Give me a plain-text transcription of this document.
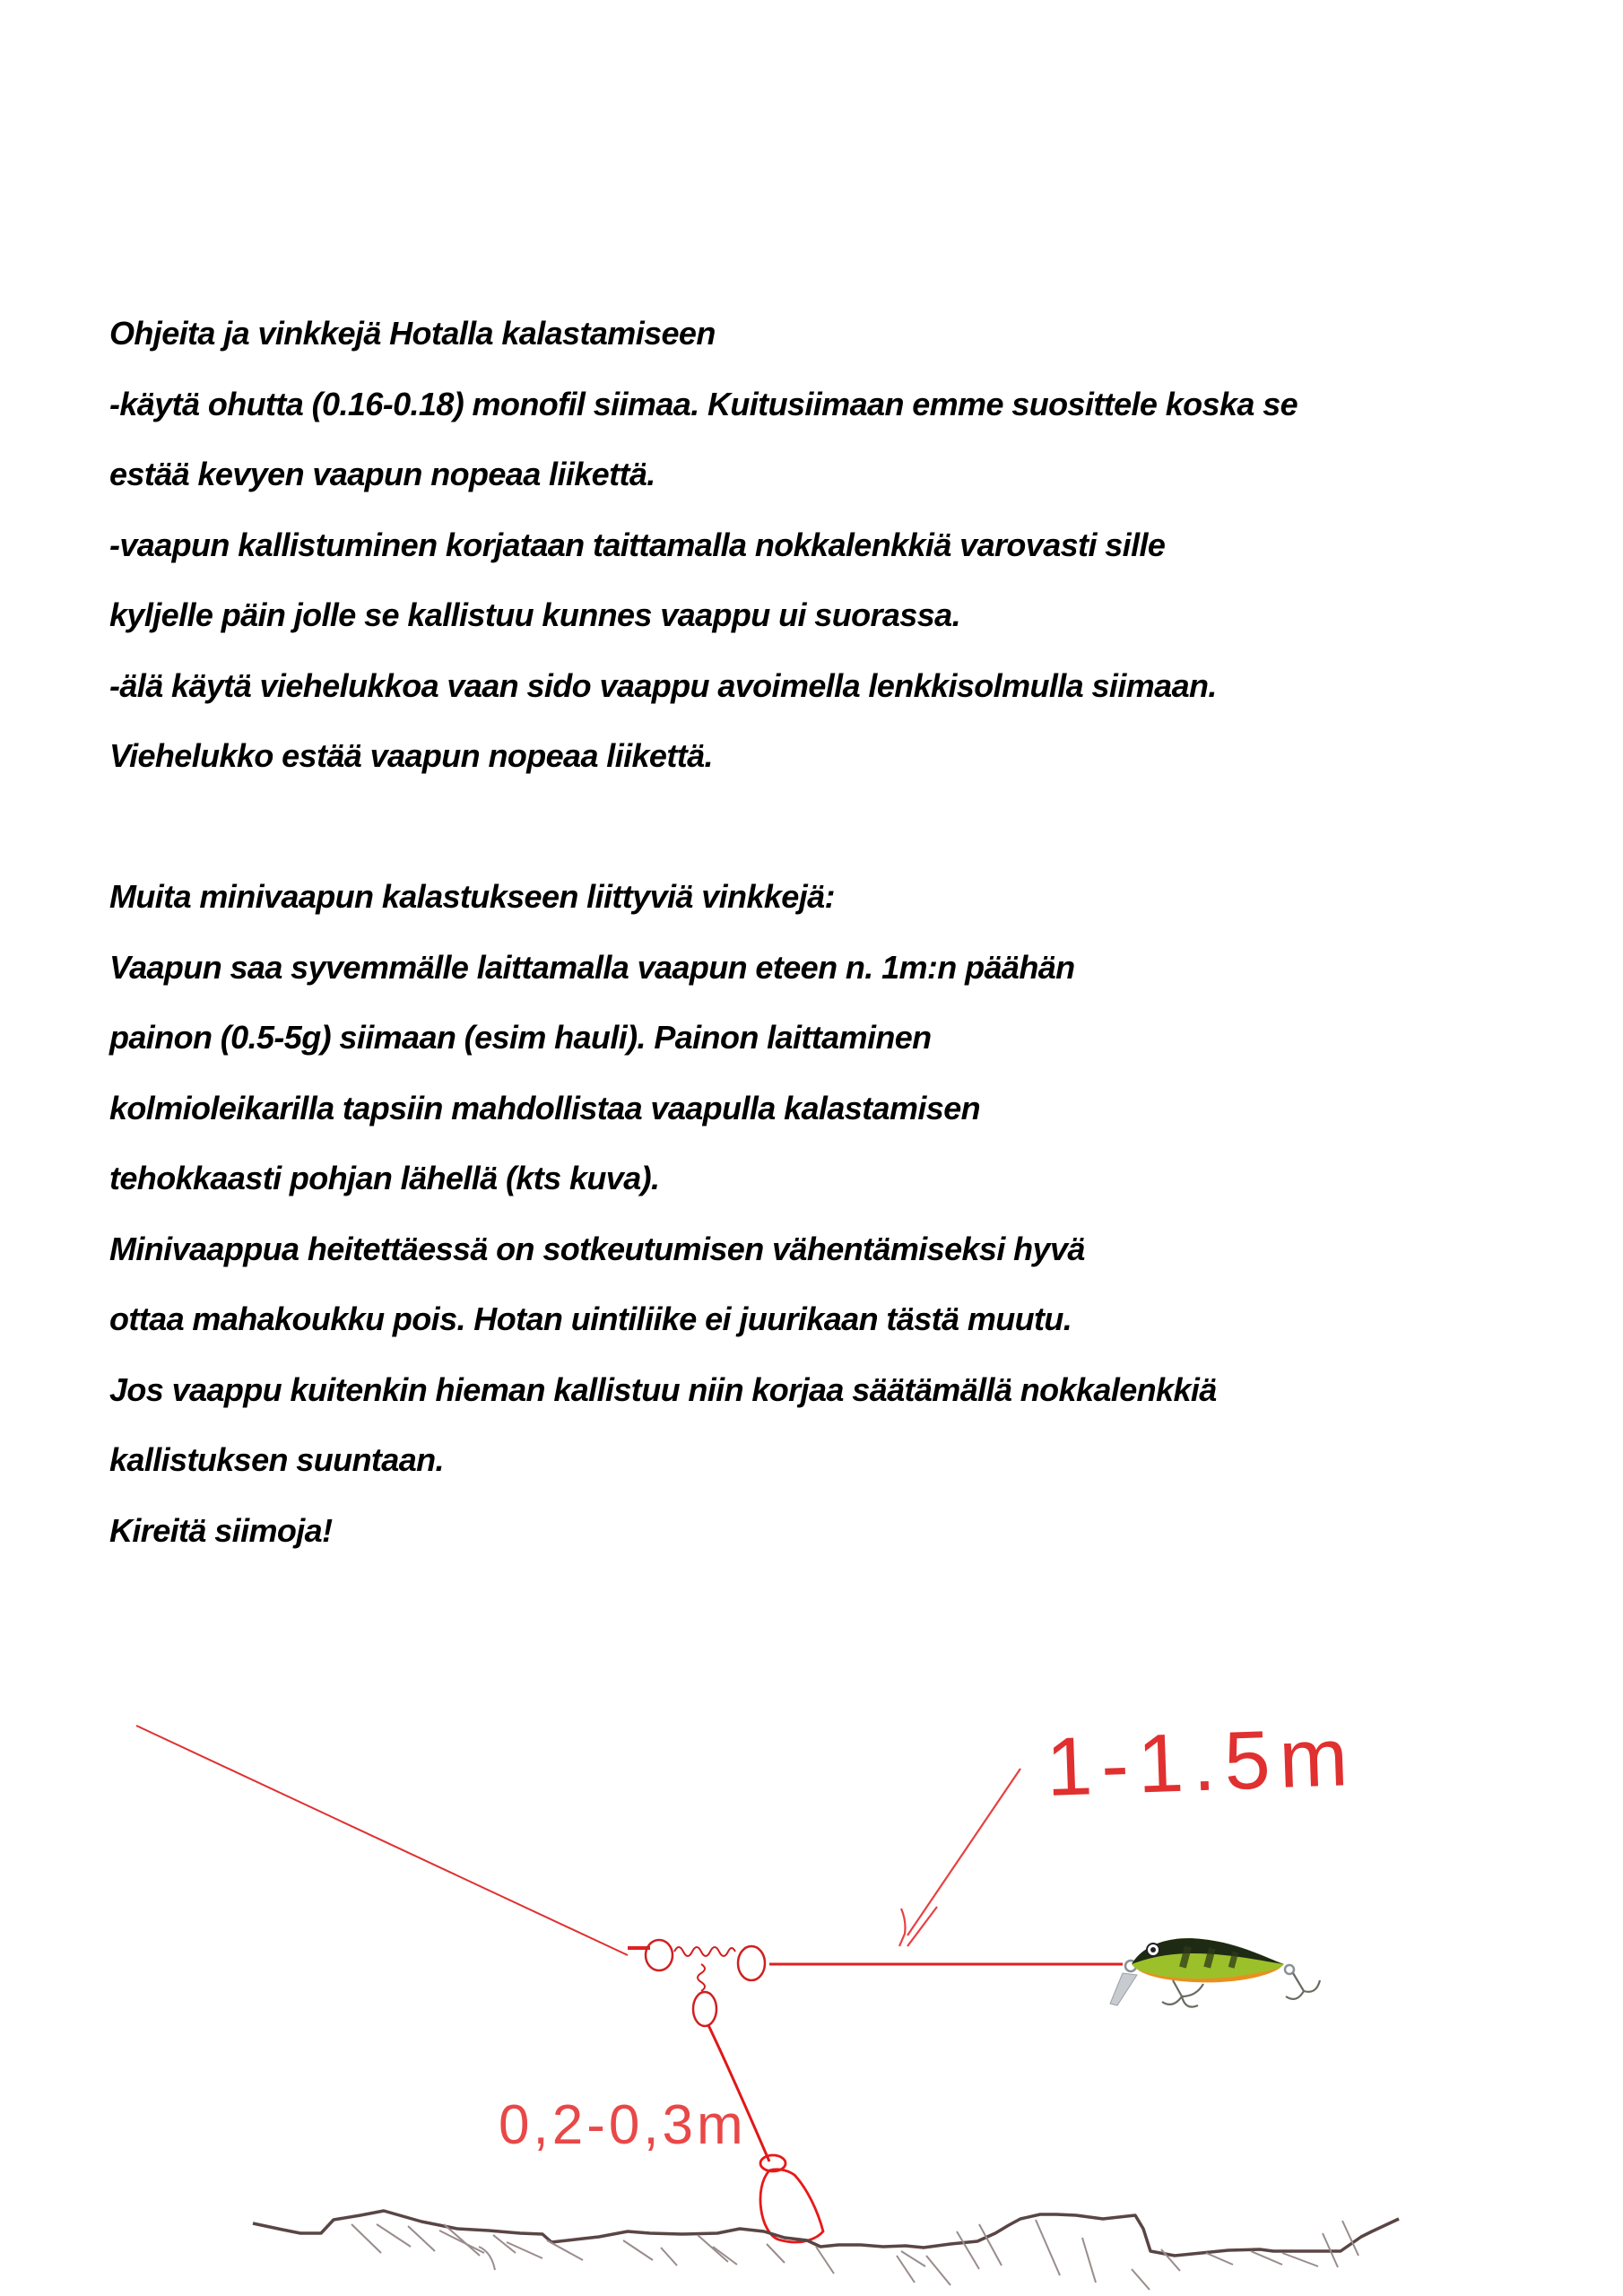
Ohjeita ja vinkkejä Hotalla kalastamiseen
-käytä ohutta (0.16-0.18) monofil siimaa. Kuitusiimaan emme suosittele koska se
estää kevyen vaapun nopeaa liikettä.
-vaapun kallistuminen korjataan taittamalla nokkalenkkiä varovasti sille
kyljelle päin jolle se kallistuu kunnes vaappu ui suorassa.
-älä käytä viehelukkoa vaan sido vaappu avoimella lenkkisolmulla siimaan.
Viehelukko estää vaapun nopeaa liikettä.
Muita minivaapun kalastukseen liittyviä vinkkejä:
Vaapun saa syvemmälle laittamalla vaapun eteen n. 1m:n päähän
painon (0.5-5g) siimaan (esim hauli). Painon laittaminen
kolmioleikarilla tapsiin mahdollistaa vaapulla kalastamisen
tehokkaasti pohjan lähellä (kts kuva).
Minivaappua heitettäessä on sotkeutumisen vähentämiseksi hyvä
ottaa mahakoukku pois. Hotan uintiliike ei juurikaan tästä muutu.
Jos vaappu kuitenkin hieman kallistuu niin korjaa säätämällä nokkalenkkiä
kallistuksen suuntaan.
Kireitä siimoja!
1-1.5m
0,2-0,3m
